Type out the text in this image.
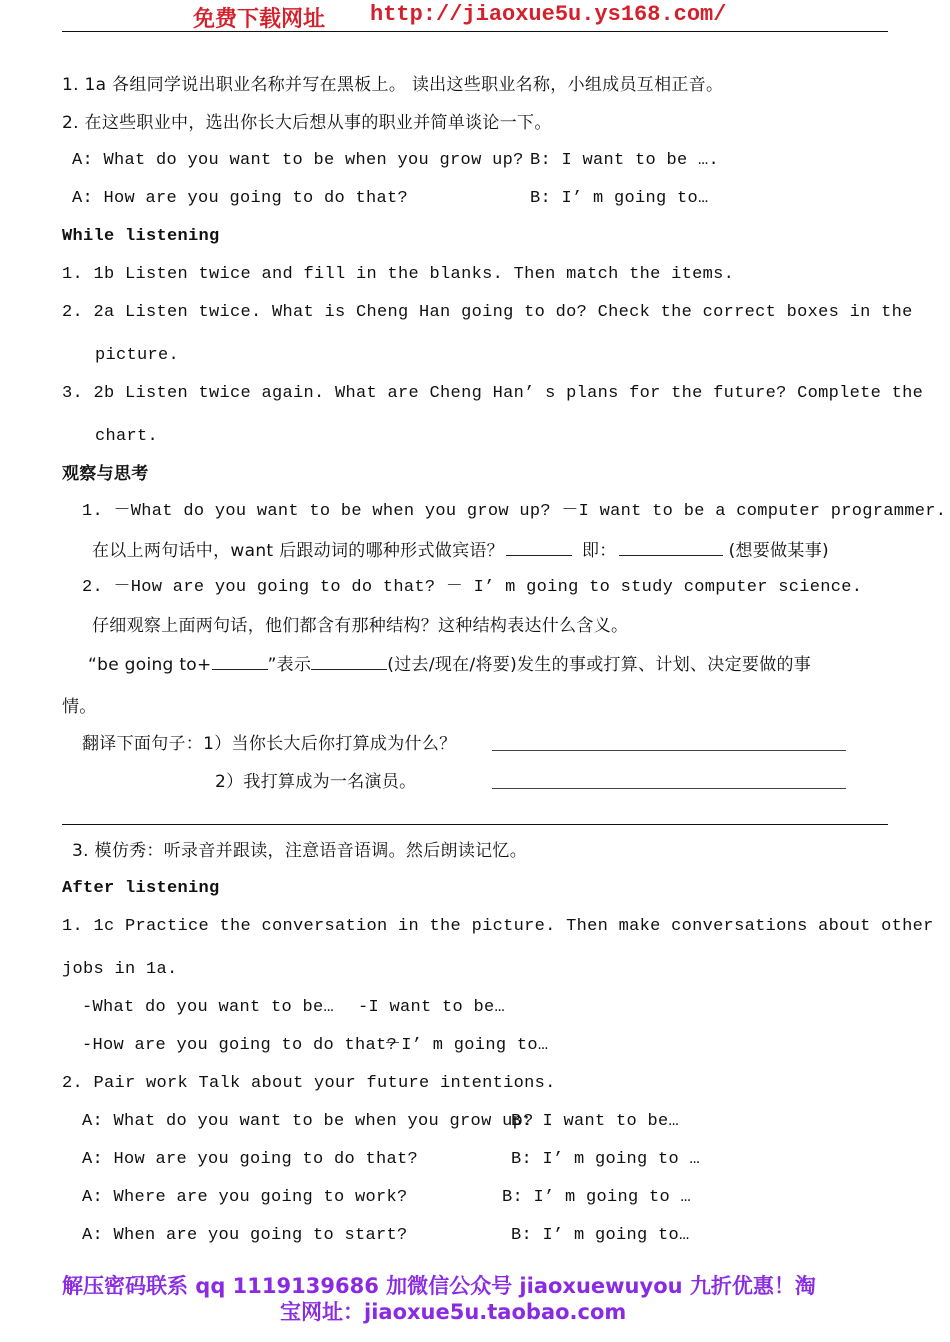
免费下载网址 http://jiaoxue5u.ys168.com/
1. 1a 各组同学说出职业名称并写在黑板上。 读出这些职业名称，小组成员互相正音。
2. 在这些职业中，选出你长大后想从事的职业并简单谈论一下。
A: What do you want to be when you grow up? B: I want to be ….
A: How are you going to do that?	B: I’ m going to…
While listening
1. 1b Listen twice and fill in the blanks. Then match the items.
2. 2a Listen twice. What is Cheng Han going to do? Check the correct boxes in the
picture.
3. 2b Listen twice again. What are Cheng Han’ s plans for the future? Complete the
chart.
观察与思考
1. －What do you want to be when you grow up? －I want to be a computer programmer.
在以上两句话中，want 后跟动词的哪种形式做宾语？	即：	(想要做某事)
2. －How are you going to do that? － I’ m going to study computer science.
仔细观察上面两句话，他们都含有那种结构？这种结构表达什么含义。
“be going to+	”表示	(过去/现在/将要)发生的事或打算、计划、决定要做的事
情。
翻译下面句子：1）当你长大后你打算成为什么？
2）我打算成为一名演员。
3. 模仿秀：听录音并跟读，注意语音语调。然后朗读记忆。
After listening
1. 1c Practice the conversation in the picture. Then make conversations about other
jobs in 1a.
-What do you want to be… -I want to be…
-How are you going to do that?
－I’ m going to…
2. Pair work Talk about your future intentions.
A: What do you want to be when you grow up?
B: I want to be…
A: How are you going to do that?	B: I’ m going to …
A: Where are you going to work?	B: I’ m going to …
A: When are you going to start?	B: I’ m going to…
解压密码联系 qq 1119139686 加微信公众号 jiaoxuewuyou 九折优惠！淘
宝网址：jiaoxue5u.taobao.com
